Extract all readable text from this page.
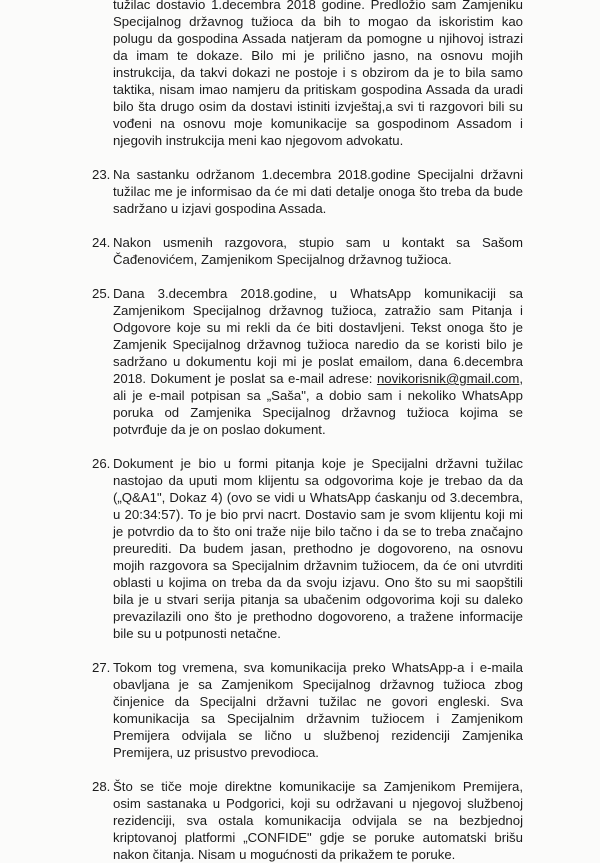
tužilac dostavio 1.decembra 2018 godine. Predložio sam Zamjeniku Specijalnog državnog tužioca da bih to mogao da iskoristim kao polugu da gospodina Assada natjeram da pomogne u njihovoj istrazi da imam te dokaze. Bilo mi je prilično jasno, na osnovu mojih instrukcija, da takvi dokazi ne postoje i s obzirom da je to bila samo taktika, nisam imao namjeru da pritiskam gospodina Assada da uradi bilo šta drugo osim da dostavi istiniti izvještaj,a svi ti razgovori bili su vođeni na osnovu moje komunikacije sa gospodinom Assadom i njegovih instrukcija meni kao njegovom advokatu.
23. Na sastanku održanom 1.decembra 2018.godine Specijalni državni tužilac me je informisao da će mi dati detalje onoga što treba da bude sadržano u izjavi gospodina Assada.
24. Nakon usmenih razgovora, stupio sam u kontakt sa Sašom Čađenovićem, Zamjenikom Specijalnog državnog tužioca.
25. Dana 3.decembra 2018.godine, u WhatsApp komunikaciji sa Zamjenikom Specijalnog državnog tužioca, zatražio sam Pitanja i Odgovore koje su mi rekli da će biti dostavljeni. Tekst onoga što je Zamjenik Specijalnog državnog tužioca naredio da se koristi bilo je sadržano u dokumentu koji mi je poslat emailom, dana 6.decembra 2018. Dokument je poslat sa e-mail adrese: novikorisnik@gmail.com, ali je e-mail potpisan sa „Saša", a dobio sam i nekoliko WhatsApp poruka od Zamjenika Specijalnog državnog tužioca kojima se potvrđuje da je on poslao dokument.
26. Dokument je bio u formi pitanja koje je Specijalni državni tužilac nastojao da uputi mom klijentu sa odgovorima koje je trebao da da („Q&A1", Dokaz 4) (ovo se vidi u WhatsApp ćaskanju od 3.decembra, u 20:34:57). To je bio prvi nacrt. Dostavio sam je svom klijentu koji mi je potvrdio da to što oni traže nije bilo tačno i da se to treba značajno preurediti. Da budem jasan, prethodno je dogovoreno, na osnovu mojih razgovora sa Specijalnim državnim tužiocem, da će oni utvrditi oblasti u kojima on treba da da svoju izjavu. Ono što su mi saopštili bila je u stvari serija pitanja sa ubačenim odgovorima koji su daleko prevazilazili ono što je prethodno dogovoreno, a tražene informacije bile su u potpunosti netačne.
27. Tokom tog vremena, sva komunikacija preko WhatsApp-a i e-maila obavljana je sa Zamjenikom Specijalnog državnog tužioca zbog činjenice da Specijalni državni tužilac ne govori engleski. Sva komunikacija sa Specijalnim državnim tužiocem i Zamjenikom Premijera odvijala se lično u službenoj rezidenciji Zamjenika Premijera, uz prisustvo prevodioca.
28. Što se tiče moje direktne komunikacije sa Zamjenikom Premijera, osim sastanaka u Podgorici, koji su održavani u njegovoj službenoj rezidenciji, sva ostala komunikacija odvijala se na bezbjednoj kriptovanoj platformi „CONFIDE" gdje se poruke automatski brišu nakon čitanja. Nisam u mogućnosti da prikažem te poruke.
